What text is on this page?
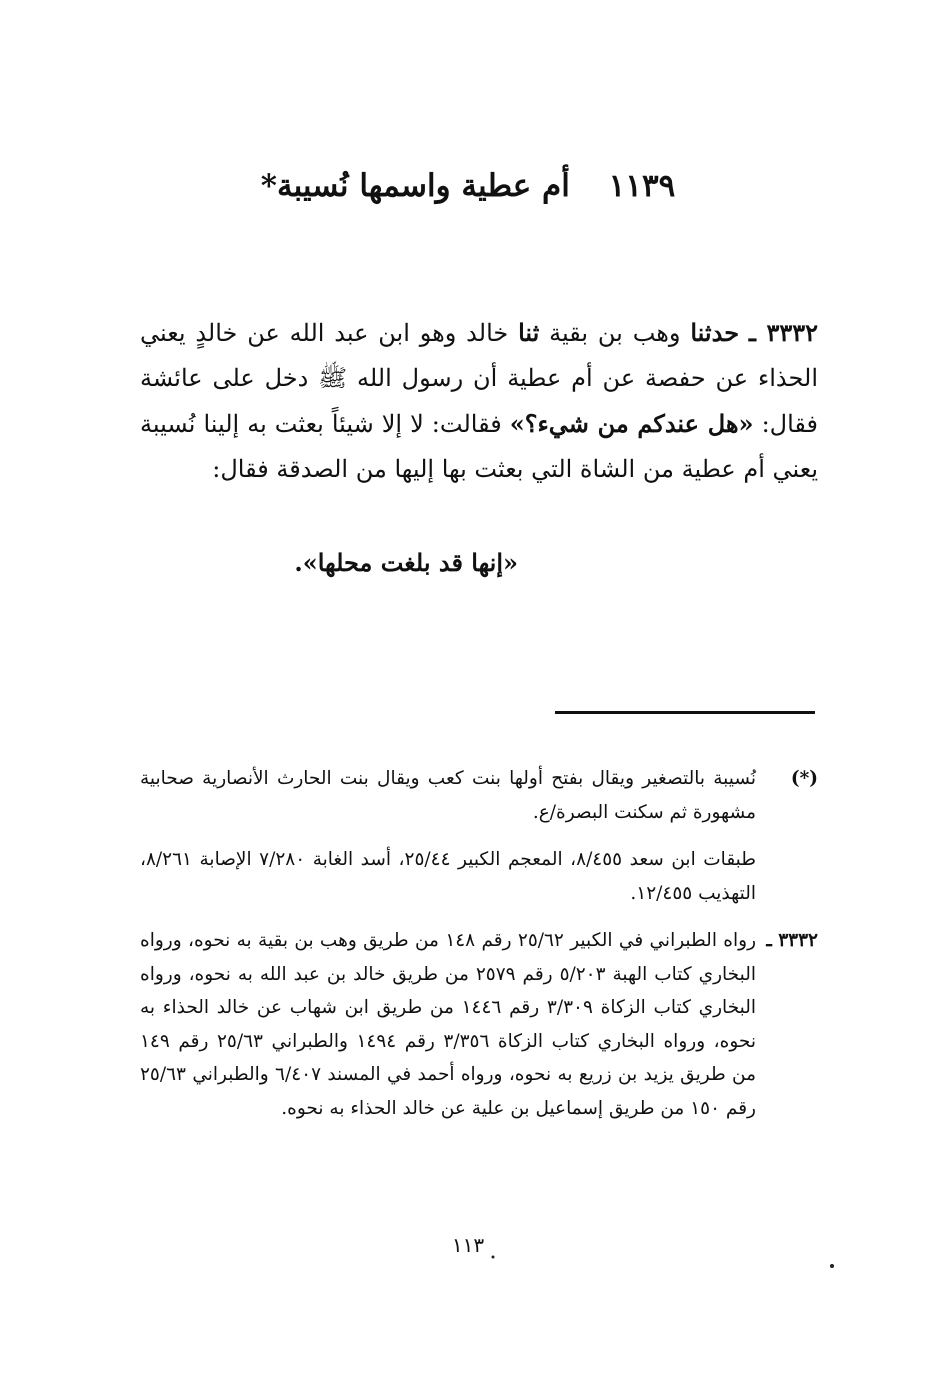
١١٣٩ أم عطية واسمها نُسيبة*
٣٣٣٢ ـ حدثنا وهب بن بقية ثنا خالد وهو ابن عبد الله عن خالدٍ يعني الحذاء عن حفصة عن أم عطية أن رسول الله ﷺ دخل على عائشة فقال: «هل عندكم من شيء؟» فقالت: لا إلا شيئاً بعثت به إلينا نُسيبة يعني أم عطية من الشاة التي بعثت بها إليها من الصدقة فقال:
«إنها قد بلغت محلها».
(*)
نُسيبة بالتصغير ويقال بفتح أولها بنت كعب ويقال بنت الحارث الأنصارية صحابية مشهورة ثم سكنت البصرة/ع.
طبقات ابن سعد ٨/٤٥٥، المعجم الكبير ٢٥/٤٤، أسد الغابة ٧/٢٨٠ الإصابة ٨/٢٦١، التهذيب ١٢/٤٥٥.
٣٣٣٢ ـ
رواه الطبراني في الكبير ٢٥/٦٢ رقم ١٤٨ من طريق وهب بن بقية به نحوه، ورواه البخاري كتاب الهبة ٥/٢٠٣ رقم ٢٥٧٩ من طريق خالد بن عبد الله به نحوه، ورواه البخاري كتاب الزكاة ٣/٣٠٩ رقم ١٤٤٦ من طريق ابن شهاب عن خالد الحذاء به نحوه، ورواه البخاري كتاب الزكاة ٣/٣٥٦ رقم ١٤٩٤ والطبراني ٢٥/٦٣ رقم ١٤٩ من طريق يزيد بن زريع به نحوه، ورواه أحمد في المسند ٦/٤٠٧ والطبراني ٢٥/٦٣ رقم ١٥٠ من طريق إسماعيل بن علية عن خالد الحذاء به نحوه.
١١٣
